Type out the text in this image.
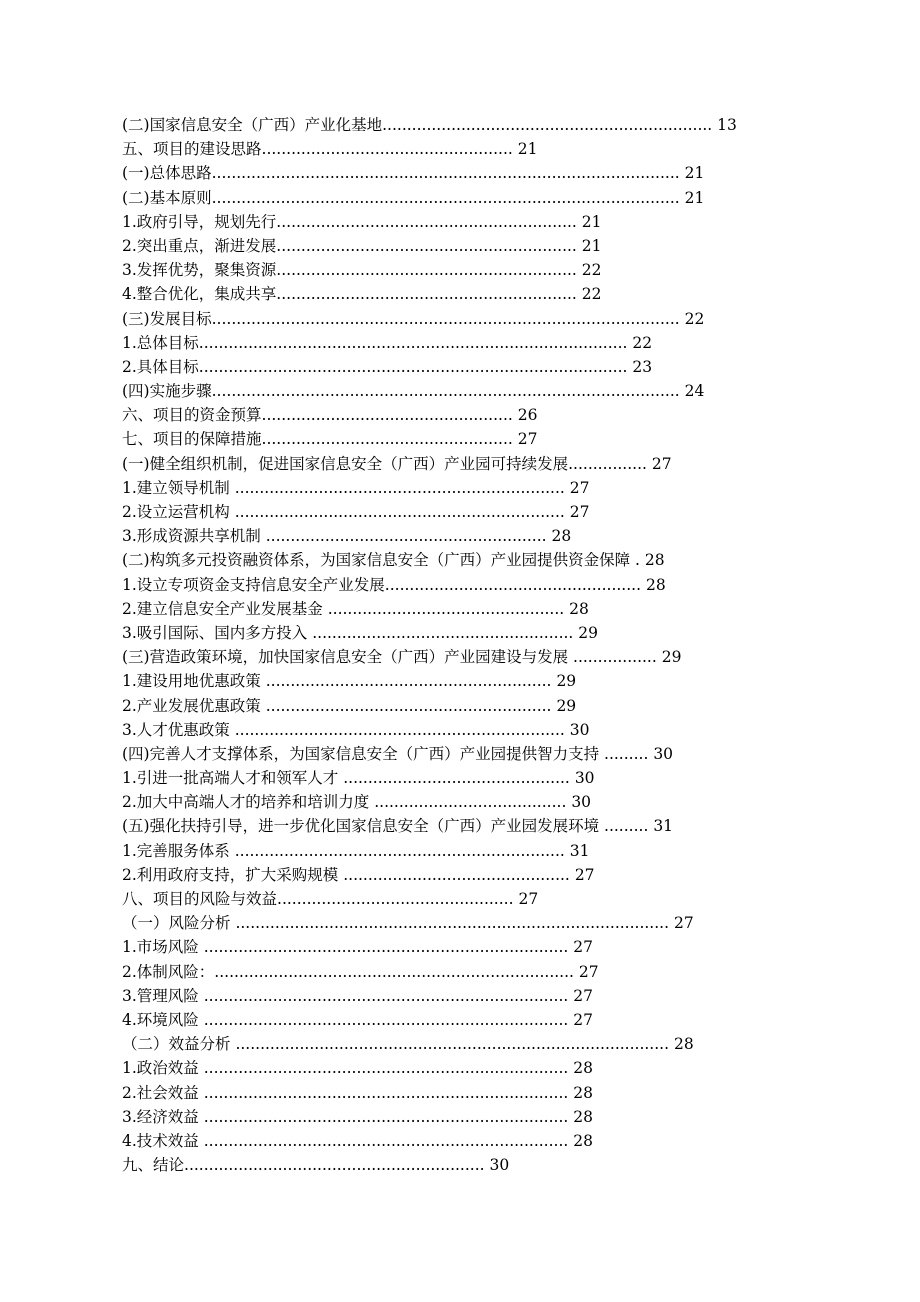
(二)国家信息安全（广西）产业化基地................................................................... 13
五、项目的建设思路................................................... 21
(一)总体思路............................................................................................... 21
(二)基本原则............................................................................................... 21
1.政府引导，规划先行............................................................. 21
2.突出重点，渐进发展............................................................. 21
3.发挥优势，聚集资源............................................................. 22
4.整合优化，集成共享............................................................. 22
(三)发展目标............................................................................................... 22
1.总体目标....................................................................................... 22
2.具体目标....................................................................................... 23
(四)实施步骤............................................................................................... 24
六、项目的资金预算................................................... 26
七、项目的保障措施................................................... 27
(一)健全组织机制，促进国家信息安全（广西）产业园可持续发展................ 27
1.建立领导机制 ................................................................... 27
2.设立运营机构 ................................................................... 27
3.形成资源共享机制 ......................................................... 28
(二)构筑多元投资融资体系，为国家信息安全（广西）产业园提供资金保障 . 28
1.设立专项资金支持信息安全产业发展.................................................... 28
2.建立信息安全产业发展基金 ................................................ 28
3.吸引国际、国内多方投入 ..................................................... 29
(三)营造政策环境，加快国家信息安全（广西）产业园建设与发展 ................. 29
1.建设用地优惠政策 .......................................................... 29
2.产业发展优惠政策 .......................................................... 29
3.人才优惠政策 ................................................................... 30
(四)完善人才支撑体系，为国家信息安全（广西）产业园提供智力支持 ......... 30
1.引进一批高端人才和领军人才 .............................................. 30
2.加大中高端人才的培养和培训力度 ....................................... 30
(五)强化扶持引导，进一步优化国家信息安全（广西）产业园发展环境 ......... 31
1.完善服务体系 ................................................................... 31
2.利用政府支持，扩大采购规模 .............................................. 27
八、项目的风险与效益................................................ 27
（一）风险分析 ........................................................................................ 27
1.市场风险 .......................................................................... 27
2.体制风险：......................................................................... 27
3.管理风险 .......................................................................... 27
4.环境风险 .......................................................................... 27
（二）效益分析 ........................................................................................ 28
1.政治效益 .......................................................................... 28
2.社会效益 .......................................................................... 28
3.经济效益 .......................................................................... 28
4.技术效益 .......................................................................... 28
九、结论............................................................. 30
